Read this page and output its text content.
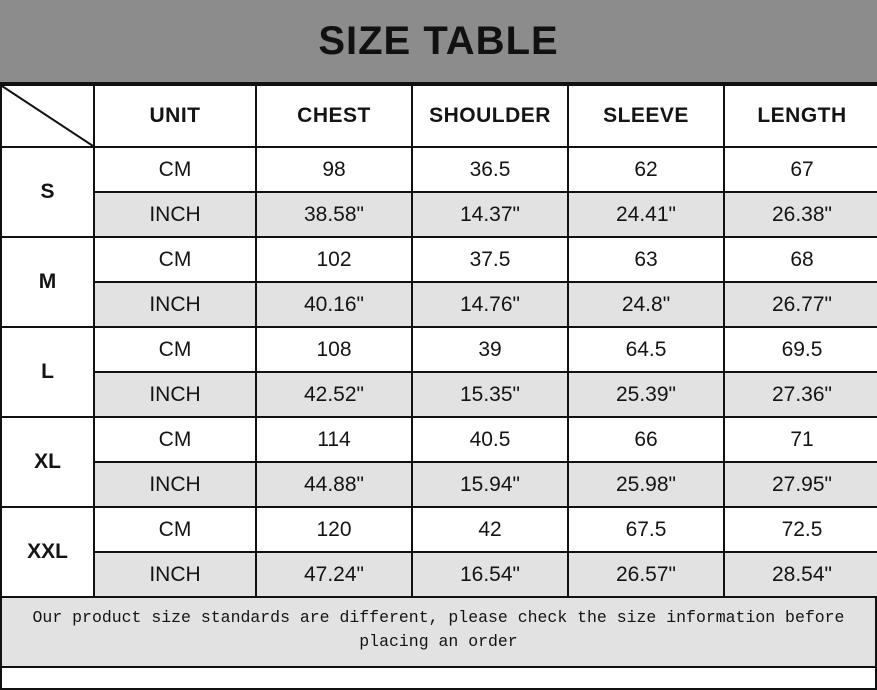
SIZE TABLE
	UNIT	CHEST	SHOULDER	SLEEVE	LENGTH
S	CM	98	36.5	62	67
	INCH	38.58"	14.37"	24.41"	26.38"
M	CM	102	37.5	63	68
	INCH	40.16"	14.76"	24.8"	26.77"
L	CM	108	39	64.5	69.5
	INCH	42.52"	15.35"	25.39"	27.36"
XL	CM	114	40.5	66	71
	INCH	44.88"	15.94"	25.98"	27.95"
XXL	CM	120	42	67.5	72.5
	INCH	47.24"	16.54"	26.57"	28.54"
Our product size standards are different, please check the size information before placing an order
